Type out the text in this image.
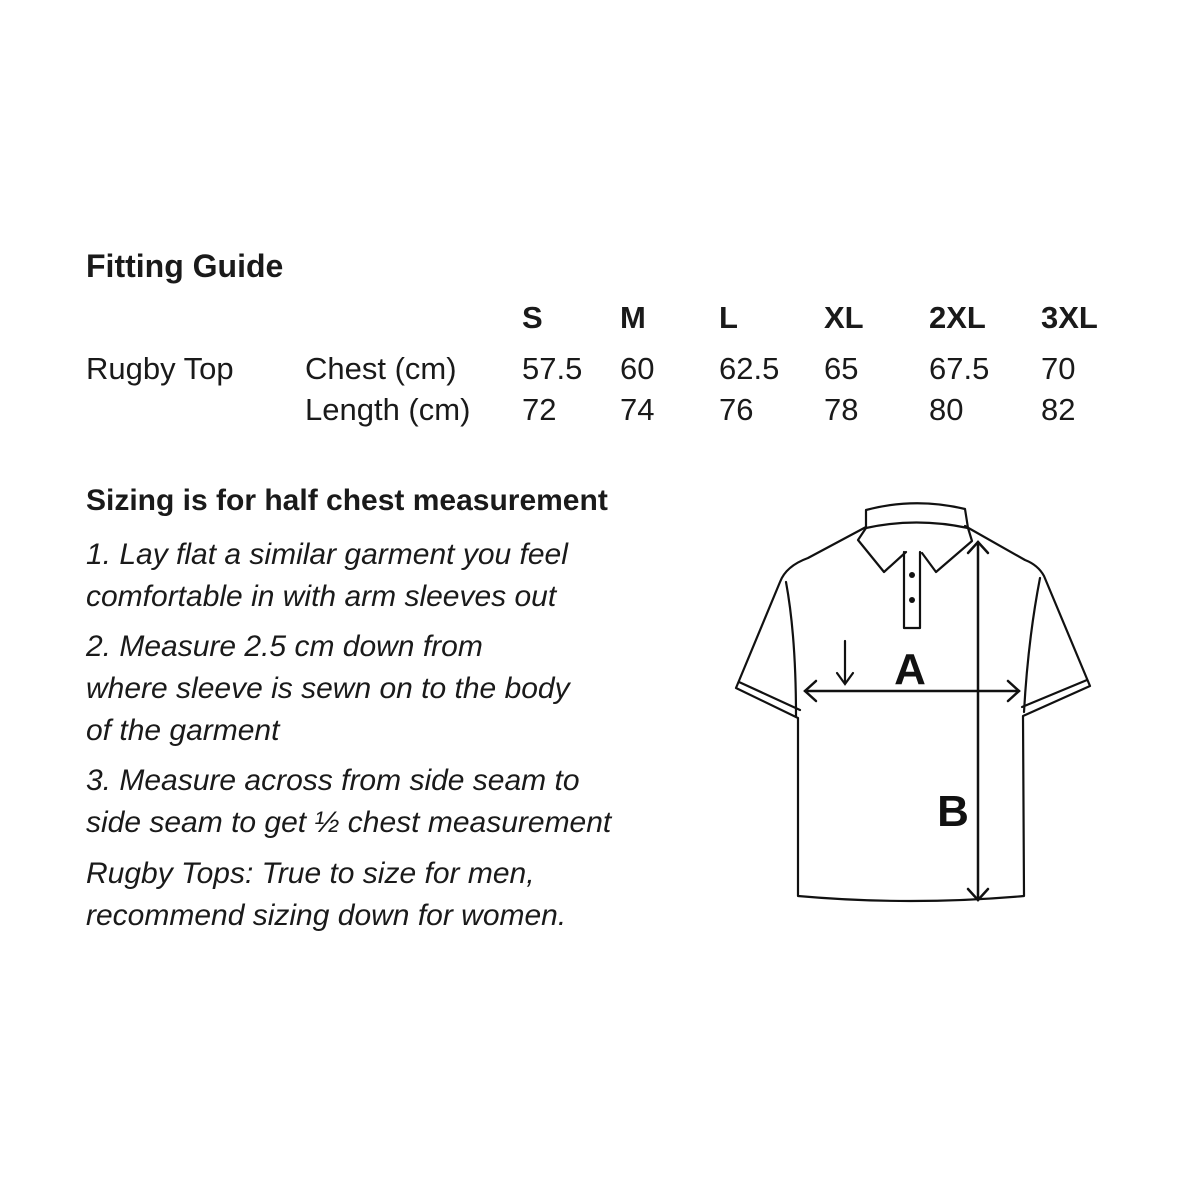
Fitting Guide
S M L	XL 2XL 3XL
Rugby Top Chest (cm) 57.5 60 62.5 65 67.5 70
Length (cm) 72 74 76 78 80	82
Sizing is for half chest measurement
1. Lay flat a similar garment you feel
comfortable in with arm sleeves out
2. Measure 2.5 cm down from
where sleeve is sewn on to the body
of the garment
3. Measure across from side seam to
side seam to get ½ chest measurement
Rugby Tops: True to size for men,
recommend sizing down for women.
A
B
